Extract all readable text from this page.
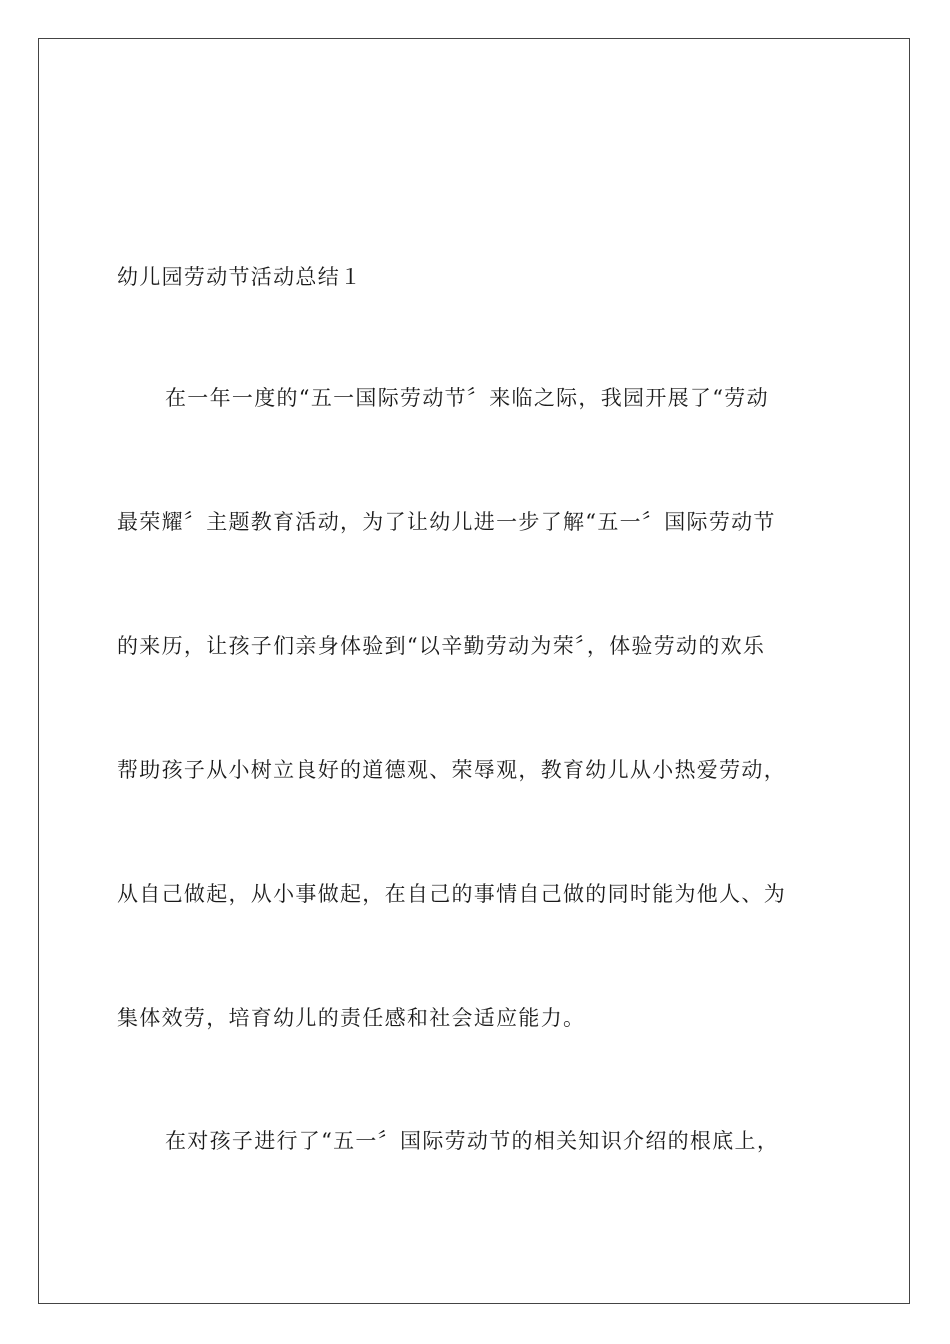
幼儿园劳动节活动总结１
在一年一度的“五一国际劳动节〞来临之际，我园开展了“劳动
最荣耀〞主题教育活动，为了让幼儿进一步了解“五一〞国际劳动节
的来历，让孩子们亲身体验到“以辛勤劳动为荣〞，体验劳动的欢乐
帮助孩子从小树立良好的道德观、荣辱观，教育幼儿从小热爱劳动，
从自己做起，从小事做起，在自己的事情自己做的同时能为他人、为
集体效劳，培育幼儿的责任感和社会适应能力。
在对孩子进行了“五一〞国际劳动节的相关知识介绍的根底上，
